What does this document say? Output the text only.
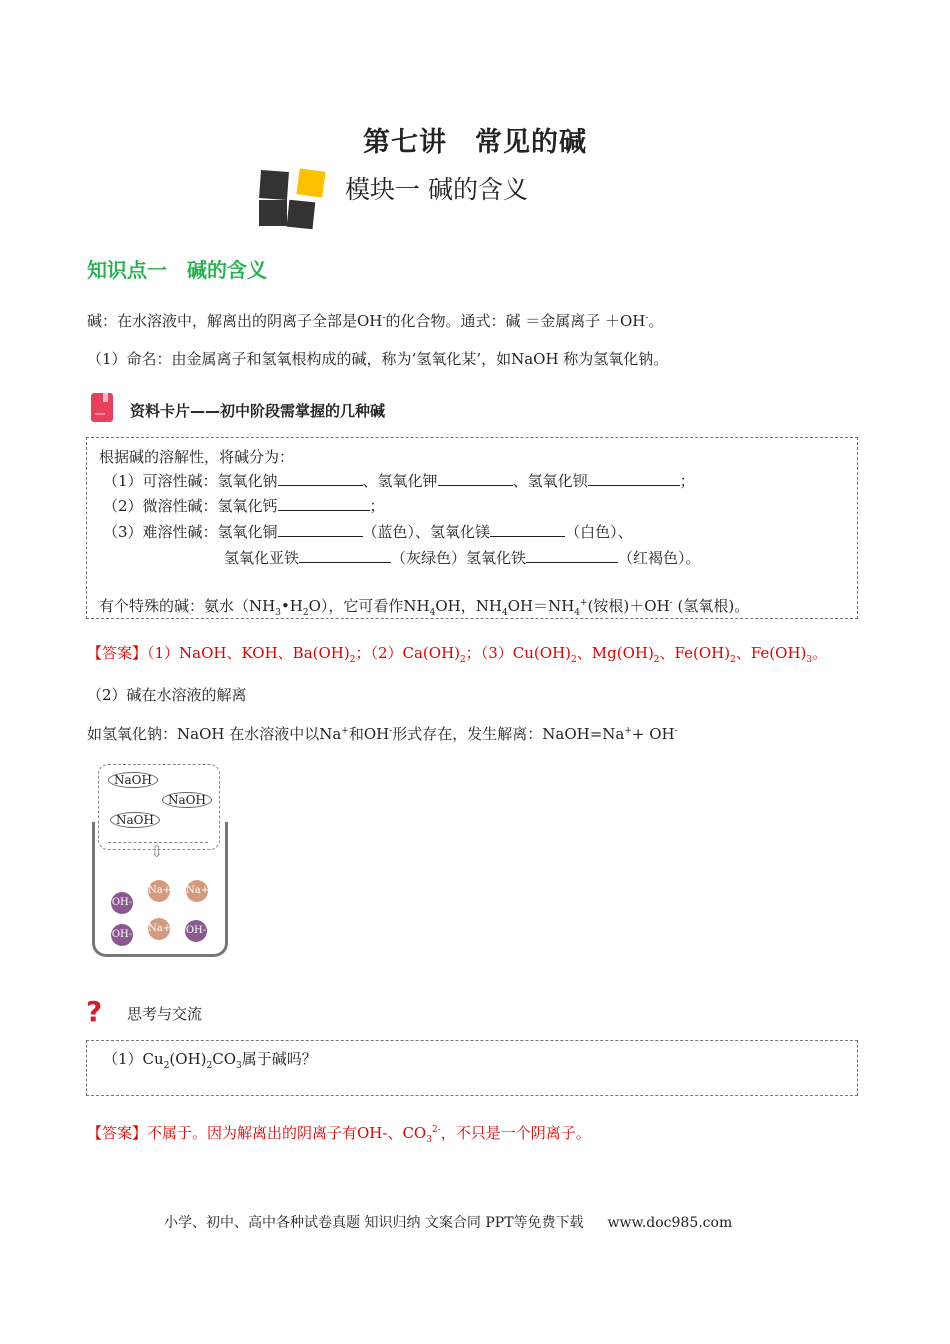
第七讲　常见的碱
模块一 碱的含义
知识点一　碱的含义
碱：在水溶液中，解离出的阴离子全部是OH-的化合物。通式：碱 ＝金属离子 ＋OH-。
（1）命名：由金属离子和氢氧根构成的碱，称为‘氢氧化某’，如NaOH 称为氢氧化钠。
资料卡片——初中阶段需掌握的几种碱
根据碱的溶解性，将碱分为：
（1）可溶性碱：氢氧化钠	、氢氧化钾	、氢氧化钡	；
（2）微溶性碱：氢氧化钙	；
（3）难溶性碱：氢氧化铜	（蓝色）、氢氧化镁	（白色）、
氢氧化亚铁	（灰绿色）氢氧化铁	（红褐色）。
有个特殊的碱：氨水$(NH_3•H_2O)$，它可看作$NH_4OH$，$NH_4OH=NH_4^+$(铵根)＋OH- (氢氧根)。
【答案】（1）NaOH、KOH、$Ba(OH)_2$；$(2)Ca(OH)_2$；$(3)Cu(OH)_2$、$Mg(OH)_2$、$Fe(OH)_2$、$Fe(OH)_3$。
（2）碱在水溶液的解离
如氢氧化钠：NaOH 在水溶液中以Na+和OH-形式存在，发生解离：NaOH=Na++ OH-
⇩
NaOH
NaOH
NaOH
Na+ Na+
OH-
Na+ OH-
OH-
? 思考与交流
$(1)Cu_2(OH)_2CO_3$属于碱吗？
【答案】不属于。因为解离出的阴离子有OH-、$CO_3^{2-}$，不只是一个阴离子。
小学、初中、高中各种试卷真题 知识归纳 文案合同 PPT等免费下载 www.doc985.com
